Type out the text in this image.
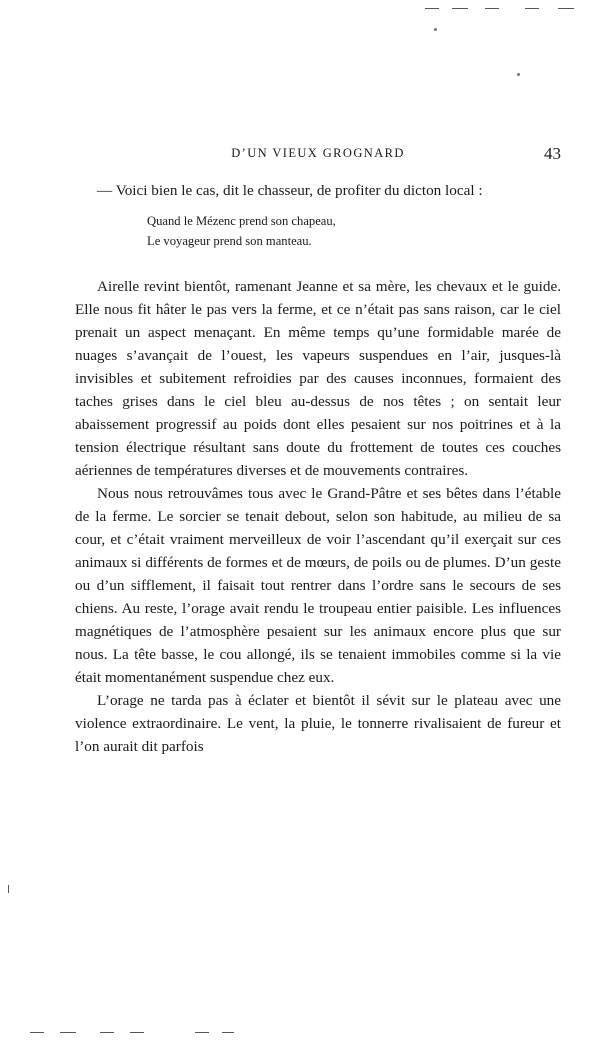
D’UN VIEUX GROGNARD	43

— Voici bien le cas, dit le chasseur, de profiter du dicton local :

Quand le Mézenc prend son chapeau,
Le voyageur prend son manteau.

Airelle revint bientôt, ramenant Jeanne et sa mère, les chevaux et le guide. Elle nous fit hâter le pas vers la ferme, et ce n’était pas sans raison, car le ciel prenait un aspect menaçant. En même temps qu’une formidable marée de nuages s’avançait de l’ouest, les vapeurs suspendues en l’air, jusques-là invisibles et subitement refroidies par des causes inconnues, formaient des taches grises dans le ciel bleu au-dessus de nos têtes ; on sentait leur abaissement progressif au poids dont elles pesaient sur nos poitrines et à la tension électrique résultant sans doute du frottement de toutes ces couches aériennes de températures diverses et de mouvements contraires.

Nous nous retrouvâmes tous avec le Grand-Pâtre et ses bêtes dans l’étable de la ferme. Le sorcier se tenait debout, selon son habitude, au milieu de sa cour, et c’était vraiment merveilleux de voir l’ascendant qu’il exerçait sur ces animaux si différents de formes et de mœurs, de poils ou de plumes. D’un geste ou d’un sifflement, il faisait tout rentrer dans l’ordre sans le secours de ses chiens. Au reste, l’orage avait rendu le troupeau entier paisible. Les influences magnétiques de l’atmosphère pesaient sur les animaux encore plus que sur nous. La tête basse, le cou allongé, ils se tenaient immobiles comme si la vie était momentanément suspendue chez eux.

L’orage ne tarda pas à éclater et bientôt il sévit sur le plateau avec une violence extraordinaire. Le vent, la pluie, le tonnerre rivalisaient de fureur et l’on aurait dit parfois
